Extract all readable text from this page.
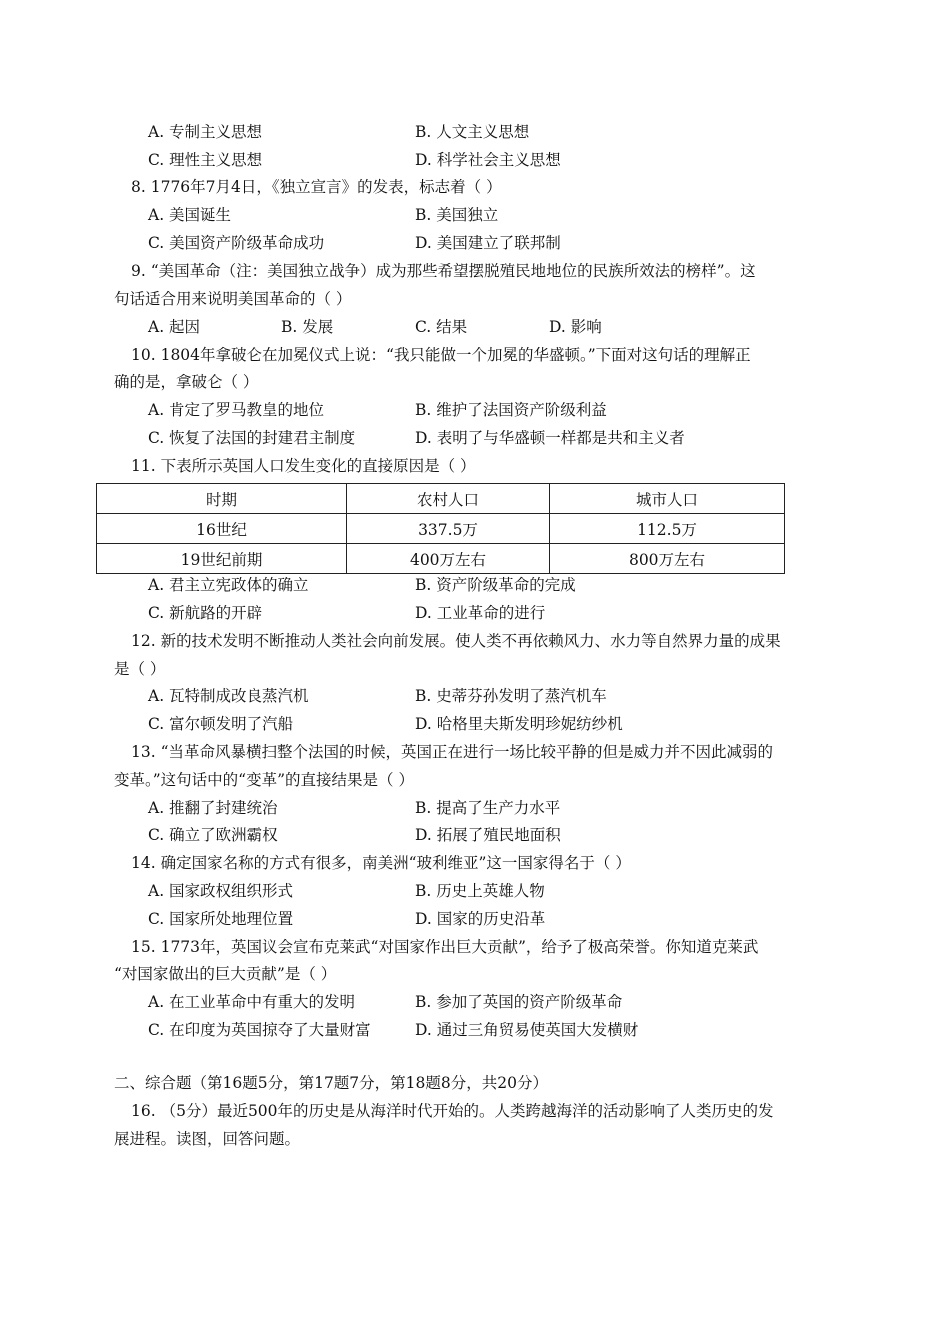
A. 专制主义思想	B. 人文主义思想
C. 理性主义思想	D. 科学社会主义思想
8. 1776年7月4日，《独立宣言》的发表，标志着（ ）
A. 美国诞生	B. 美国独立
C. 美国资产阶级革命成功	D. 美国建立了联邦制
9. “美国革命（注：美国独立战争）成为那些希望摆脱殖民地地位的民族所效法的榜样”。这
句话适合用来说明美国革命的（ ）
A. 起因	B. 发展	C. 结果	D. 影响
10. 1804年拿破仑在加冕仪式上说：“我只能做一个加冕的华盛顿。”下面对这句话的理解正
确的是，拿破仑（ ）
A. 肯定了罗马教皇的地位	B. 维护了法国资产阶级利益
C. 恢复了法国的封建君主制度	D. 表明了与华盛顿一样都是共和主义者
11. 下表所示英国人口发生变化的直接原因是（ ）
时期	农村人口	城市人口
16世纪	337.5万	112.5万
19世纪前期	400万左右	800万左右
A. 君主立宪政体的确立	B. 资产阶级革命的完成
C. 新航路的开辟	D. 工业革命的进行
12. 新的技术发明不断推动人类社会向前发展。使人类不再依赖风力、水力等自然界力量的成果
是（ ）
A. 瓦特制成改良蒸汽机	B. 史蒂芬孙发明了蒸汽机车
C. 富尔顿发明了汽船	D. 哈格里夫斯发明珍妮纺纱机
13. “当革命风暴横扫整个法国的时候，英国正在进行一场比较平静的但是威力并不因此减弱的
变革。”这句话中的“变革”的直接结果是（ ）
A. 推翻了封建统治	B. 提高了生产力水平
C. 确立了欧洲霸权	D. 拓展了殖民地面积
14. 确定国家名称的方式有很多，南美洲“玻利维亚”这一国家得名于（ ）
A. 国家政权组织形式	B. 历史上英雄人物
C. 国家所处地理位置	D. 国家的历史沿革
15. 1773年，英国议会宣布克莱武“对国家作出巨大贡献”，给予了极高荣誉。你知道克莱武
“对国家做出的巨大贡献”是（ ）
A. 在工业革命中有重大的发明	B. 参加了英国的资产阶级革命
C. 在印度为英国掠夺了大量财富	D. 通过三角贸易使英国大发横财
二、综合题（第16题5分，第17题7分，第18题8分，共20分）
16. （5分）最近500年的历史是从海洋时代开始的。人类跨越海洋的活动影响了人类历史的发
展进程。读图，回答问题。
